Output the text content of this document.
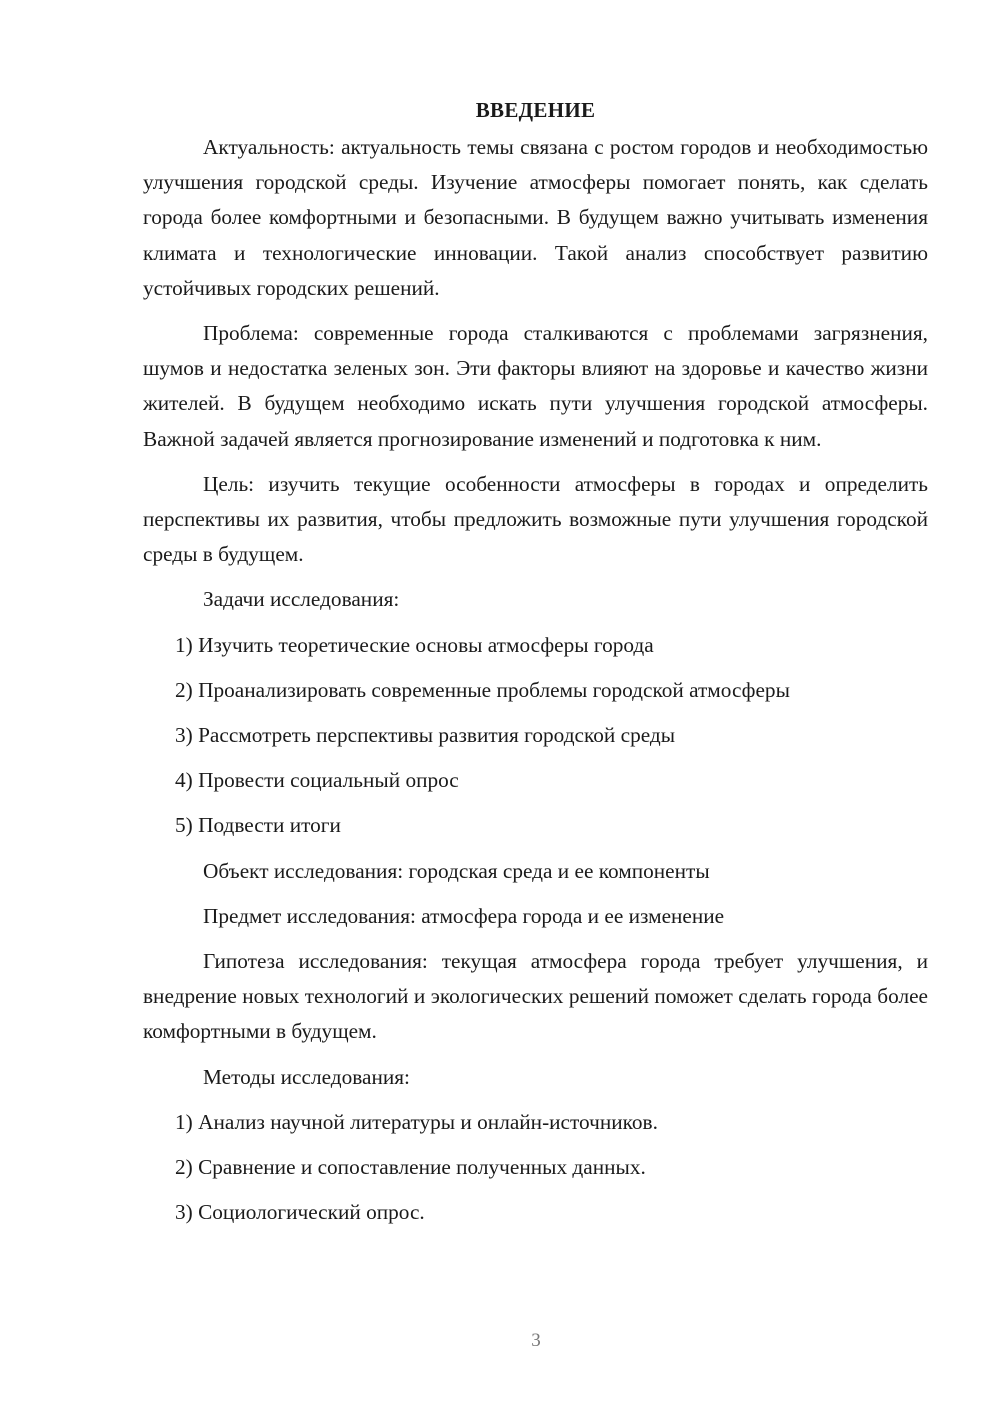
ВВЕДЕНИЕ

Актуальность: актуальность темы связана с ростом городов и необходимостью улучшения городской среды. Изучение атмосферы помогает понять, как сделать города более комфортными и безопасными. В будущем важно учитывать изменения климата и технологические инновации. Такой анализ способствует развитию устойчивых городских решений.

Проблема: современные города сталкиваются с проблемами загрязнения, шумов и недостатка зеленых зон. Эти факторы влияют на здоровье и качество жизни жителей. В будущем необходимо искать пути улучшения городской атмосферы. Важной задачей является прогнозирование изменений и подготовка к ним.

Цель: изучить текущие особенности атмосферы в городах и определить перспективы их развития, чтобы предложить возможные пути улучшения городской среды в будущем.

Задачи исследования:
1) Изучить теоретические основы атмосферы города
2) Проанализировать современные проблемы городской атмосферы
3) Рассмотреть перспективы развития городской среды
4) Провести социальный опрос
5) Подвести итоги
Объект исследования: городская среда и ее компоненты
Предмет исследования: атмосфера города и ее изменение

Гипотеза исследования: текущая атмосфера города требует улучшения, и внедрение новых технологий и экологических решений поможет сделать города более комфортными в будущем.

Методы исследования:
1) Анализ научной литературы и онлайн-источников.
2) Сравнение и сопоставление полученных данных.
3) Социологический опрос.
3
